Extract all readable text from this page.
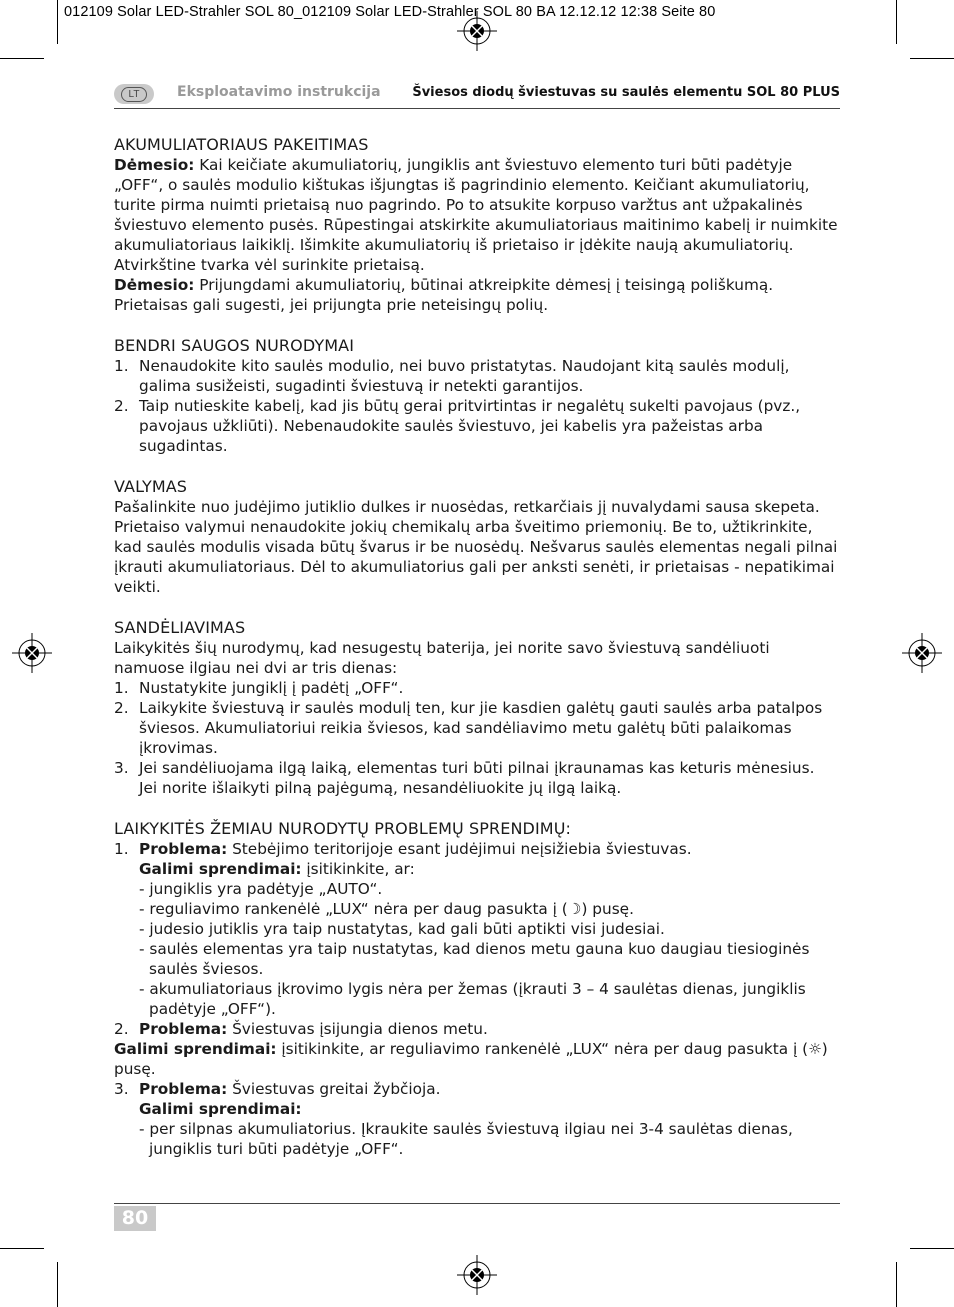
012109 Solar LED-Strahler SOL 80_012109 Solar LED-Strahler SOL 80 BA 12.12.12 12:38 Seite 80
LT	Eksploatavimo instrukcija Šviesos diodų šviestuvas su saulės elementu SOL 80 PLUS
AKUMULIATORIAUS PAKEITIMAS

Dėmesio: Kai keičiate akumuliatorių, jungiklis ant šviestuvo elemento turi būti padėtyje „OFF“, o saulės modulio kištukas išjungtas iš pagrindinio elemento. Keičiant akumuliatorių, turite pirma nuimti prietaisą nuo pagrindo. Po to atsukite korpuso varžtus ant užpakalinės šviestuvo elemento pusės. Rūpestingai atskirkite akumuliatoriaus maitinimo kabelį ir nuimkite akumuliatoriaus laikiklį. Išimkite akumuliatorių iš prietaiso ir įdėkite naują akumuliatorių. Atvirkštine tvarka vėl surinkite prietaisą.

Dėmesio: Prijungdami akumuliatorių, būtinai atkreipkite dėmesį į teisingą poliškumą. Prietaisas gali sugesti, jei prijungta prie neteisingų polių.

BENDRI SAUGOS NURODYMAI
1. Nenaudokite kito saulės modulio, nei buvo pristatytas. Naudojant kitą saulės modulį, galima susižeisti, sugadinti šviestuvą ir netekti garantijos.
2. Taip nutieskite kabelį, kad jis būtų gerai pritvirtintas ir negalėtų sukelti pavojaus (pvz., pavojaus užkliūti). Nebenaudokite saulės šviestuvo, jei kabelis yra pažeistas arba sugadintas.
VALYMAS

Pašalinkite nuo judėjimo jutiklio dulkes ir nuosėdas, retkarčiais jį nuvalydami sausa skepeta. Prietaiso valymui nenaudokite jokių chemikalų arba šveitimo priemonių. Be to, užtikrinkite, kad saulės modulis visada būtų švarus ir be nuosėdų. Nešvarus saulės elementas negali pilnai įkrauti akumuliatoriaus. Dėl to akumuliatorius gali per anksti senėti, ir prietaisas - nepatikimai veikti.

SANDĖLIAVIMAS

Laikykitės šių nurodymų, kad nesugestų baterija, jei norite savo šviestuvą sandėliuoti namuose ilgiau nei dvi ar tris dienas:

1. Nustatykite jungiklį į padėtį „OFF“.
2. Laikykite šviestuvą ir saulės modulį ten, kur jie kasdien galėtų gauti saulės arba patalpos šviesos. Akumuliatoriui reikia šviesos, kad sandėliavimo metu galėtų būti palaikomas įkrovimas.
3. Jei sandėliuojama ilgą laiką, elementas turi būti pilnai įkraunamas kas keturis mėnesius.
Jei norite išlaikyti pilną pajėgumą, nesandėliuokite jų ilgą laiką.
LAIKYKITĖS ŽEMIAU NURODYTŲ PROBLEMŲ SPRENDIMŲ:
1. Problema: Stebėjimo teritorijoje esant judėjimui neįsižiebia šviestuvas.
Galimi sprendimai: įsitikinkite, ar:
- jungiklis yra padėtyje „AUTO“.
- reguliavimo rankenėlė „LUX“ nėra per daug pasukta į (☽) pusę.
- judesio jutiklis yra taip nustatytas, kad gali būti aptikti visi judesiai.
- saulės elementas yra taip nustatytas, kad dienos metu gauna kuo daugiau tiesioginės saulės šviesos.
- akumuliatoriaus įkrovimo lygis nėra per žemas (įkrauti 3 – 4 saulėtas dienas, jungiklis padėtyje „OFF“).
2. Problema: Šviestuvas įsijungia dienos metu.
Galimi sprendimai: įsitikinkite, ar reguliavimo rankenėlė „LUX“ nėra per daug pasukta į (☼) pusę.
3. Problema: Šviestuvas greitai žybčioja.
Galimi sprendimai:
- per silpnas akumuliatorius. Įkraukite saulės šviestuvą ilgiau nei 3-4 saulėtas dienas, jungiklis turi būti padėtyje „OFF“.
80
